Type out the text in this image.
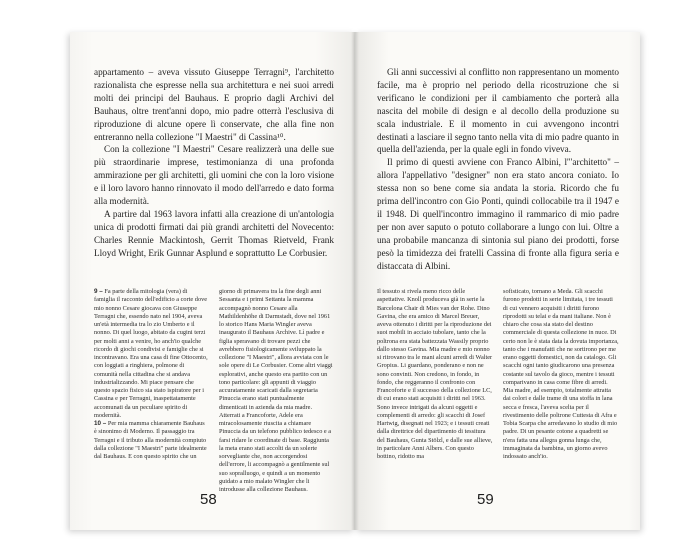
appartamento – aveva vissuto Giuseppe Terragni⁹, l'architetto razionalista che espresse nella sua architettura e nei suoi arredi molti dei principi del Bauhaus. E proprio dagli Archivi del Bauhaus, oltre trent'anni dopo, mio padre otterrà l'esclusiva di riproduzione di alcune opere lì conservate, che alla fine non entreranno nella collezione "I Maestri" di Cassina¹⁰.

Con la collezione "I Maestri" Cesare realizzerà una delle sue più straordinarie imprese, testimonianza di una profonda ammirazione per gli architetti, gli uomini che con la loro visione e il loro lavoro hanno rinnovato il modo dell'arredo e dato forma alla modernità.

A partire dal 1963 lavora infatti alla creazione di un'antologia unica di prodotti firmati dai più grandi architetti del Novecento: Charles Rennie Mackintosh, Gerrit Thomas Rietveld, Frank Lloyd Wright, Erik Gunnar Asplund e soprattutto Le Corbusier.

9 – Fa parte della mitologia (vera) di famiglia il racconto dell'edificio a corte dove mio nonno Cesare giocava con Giuseppe Terragni che, essendo nato nel 1904, aveva un'età intermedia tra lo zio Umberto e il nonno. Di quel luogo, abitato da cugini terzi per molti anni a venire, ho anch'io qualche ricordo di giochi condivisi e famiglie che si incontravano. Era una casa di fine Ottocento, con loggiati a ringhiera, polmone di comunità nella cittadina che si andava industrializzando. Mi piace pensare che questo spazio fisico sia stato ispiratore per i Cassina e per Terragni, inaspettatamente accomunati da un peculiare spirito di modernità.

10 – Per mia mamma chiaramente Bauhaus è sinonimo di Moderno. Il passaggio tra Terragni e il tributo alla modernità compiuto dalla collezione "I Maestri" parte idealmente dal Bauhaus. E con questo spirito che un

giorno di primavera tra la fine degli anni Sessanta e i primi Settanta la mamma accompagnò nonno Cesare alla Mathildenhöhe di Darmstadt, dove nel 1961 lo storico Hans Maria Wingler aveva inaugurato il Bauhaus Archive. Lì padre e figlia speravano di trovare pezzi che avrebbero fisiologicamente sviluppato la collezione "I Maestri", allora avviata con le sole opere di Le Corbusier. Come altri viaggi esplorativi, anche questo era partito con un tono particolare: gli appunti di viaggio accuratamente scaricati dalla segretaria Pinuccia erano stati puntualmente dimenticati in azienda da mia madre. Atterrati a Francoforte, Adele era miracolosamente riuscita a chiamare Pinuccia da un telefono pubblico tedesco e a farsi ridare le coordinate di base. Raggiunta la meta erano stati accolti da un solerte sorvegliante che, non accorgendosi dell'errore, li accompagnò a gentilmente sul suo sopralluogo, e quindi a un momento guidato a mio malato Wingler che li introdusse alla collezione Bauhaus.

58

Gli anni successivi al conflitto non rappresentano un momento facile, ma è proprio nel periodo della ricostruzione che si verificano le condizioni per il cambiamento che porterà alla nascita del mobile di design e al decollo della produzione su scala industriale. E il momento in cui avvengono incontri destinati a lasciare il segno tanto nella vita di mio padre quanto in quella dell'azienda, per la quale egli in fondo viveva.

Il primo di questi avviene con Franco Albini, l'"architetto" – allora l'appellativo "designer" non era stato ancora coniato. Io stessa non so bene come sia andata la storia. Ricordo che fu prima dell'incontro con Gio Ponti, quindi collocabile tra il 1947 e il 1948. Di quell'incontro immagino il rammarico di mio padre per non aver saputo o potuto collaborare a lungo con lui. Oltre a una probabile mancanza di sintonia sul piano dei prodotti, forse pesò la timidezza dei fratelli Cassina di fronte alla figura seria e distaccata di Albini.

Il tessuto si rivela meno ricco delle aspettative. Knoll produceva già in serie la Barcelona Chair di Mies van der Rohe. Dino Gavina, che era amico di Marcel Breuer, aveva ottenuto i diritti per la riproduzione dei suoi mobili in acciaio tubolare, tanto che la poltrona era stata battezzata Wassily proprio dallo stesso Gavina. Mia madre e mio nonno si ritrovano tra le mani alcuni arredi di Walter Gropius. Li guardano, ponderano e non ne sono convinti. Non credono, in fondo, in fondo, che reggeranno il confronto con Francoforte e il successo della collezione LC, di cui erano stati acquisiti i diritti nel 1963. Sono invece intrigati da alcuni oggetti e complementi di arredo: gli scacchi di Josef Hartwig, disegnati nel 1923; e i tessuti creati dalla direttrice del dipartimento di tessitura del Bauhaus, Gunta Stölzl, e dalle sue allieve, in particolare Anni Albers. Con questo bottino, ridotto ma

sofisticato, tornano a Meda. Gli scacchi furono prodotti in serie limitata, i tre tessuti di cui vennero acquisiti i diritti furono riprodotti su telai e da mani italiane. Non è chiaro che cosa sia stato del destino commerciale di questa collezione in nuce. Di certo non le è stata data la dovuta importanza, tanto che i manufatti che ne sortirono per me erano oggetti domestici, non da catalogo. Gli scacchi ogni tanto giudicarono una presenza costante sul tavolo da gioco, mentre i tessuti comparivano in casa come fibre di arredi. Mia madre, ad esempio, totalmente attratta dai colori e dalle trame di una stoffa in lana secca e fresca, l'aveva scelta per il rivestimento delle poltrone Cuttesta di Afra e Tobia Scarpa che arredavano lo studio di mio padre. Di un pesante cotone a quadretti se n'era fatta una allegra gonna lunga che, immaginata da bambina, un giorno avevo indossato anch'io.

59
